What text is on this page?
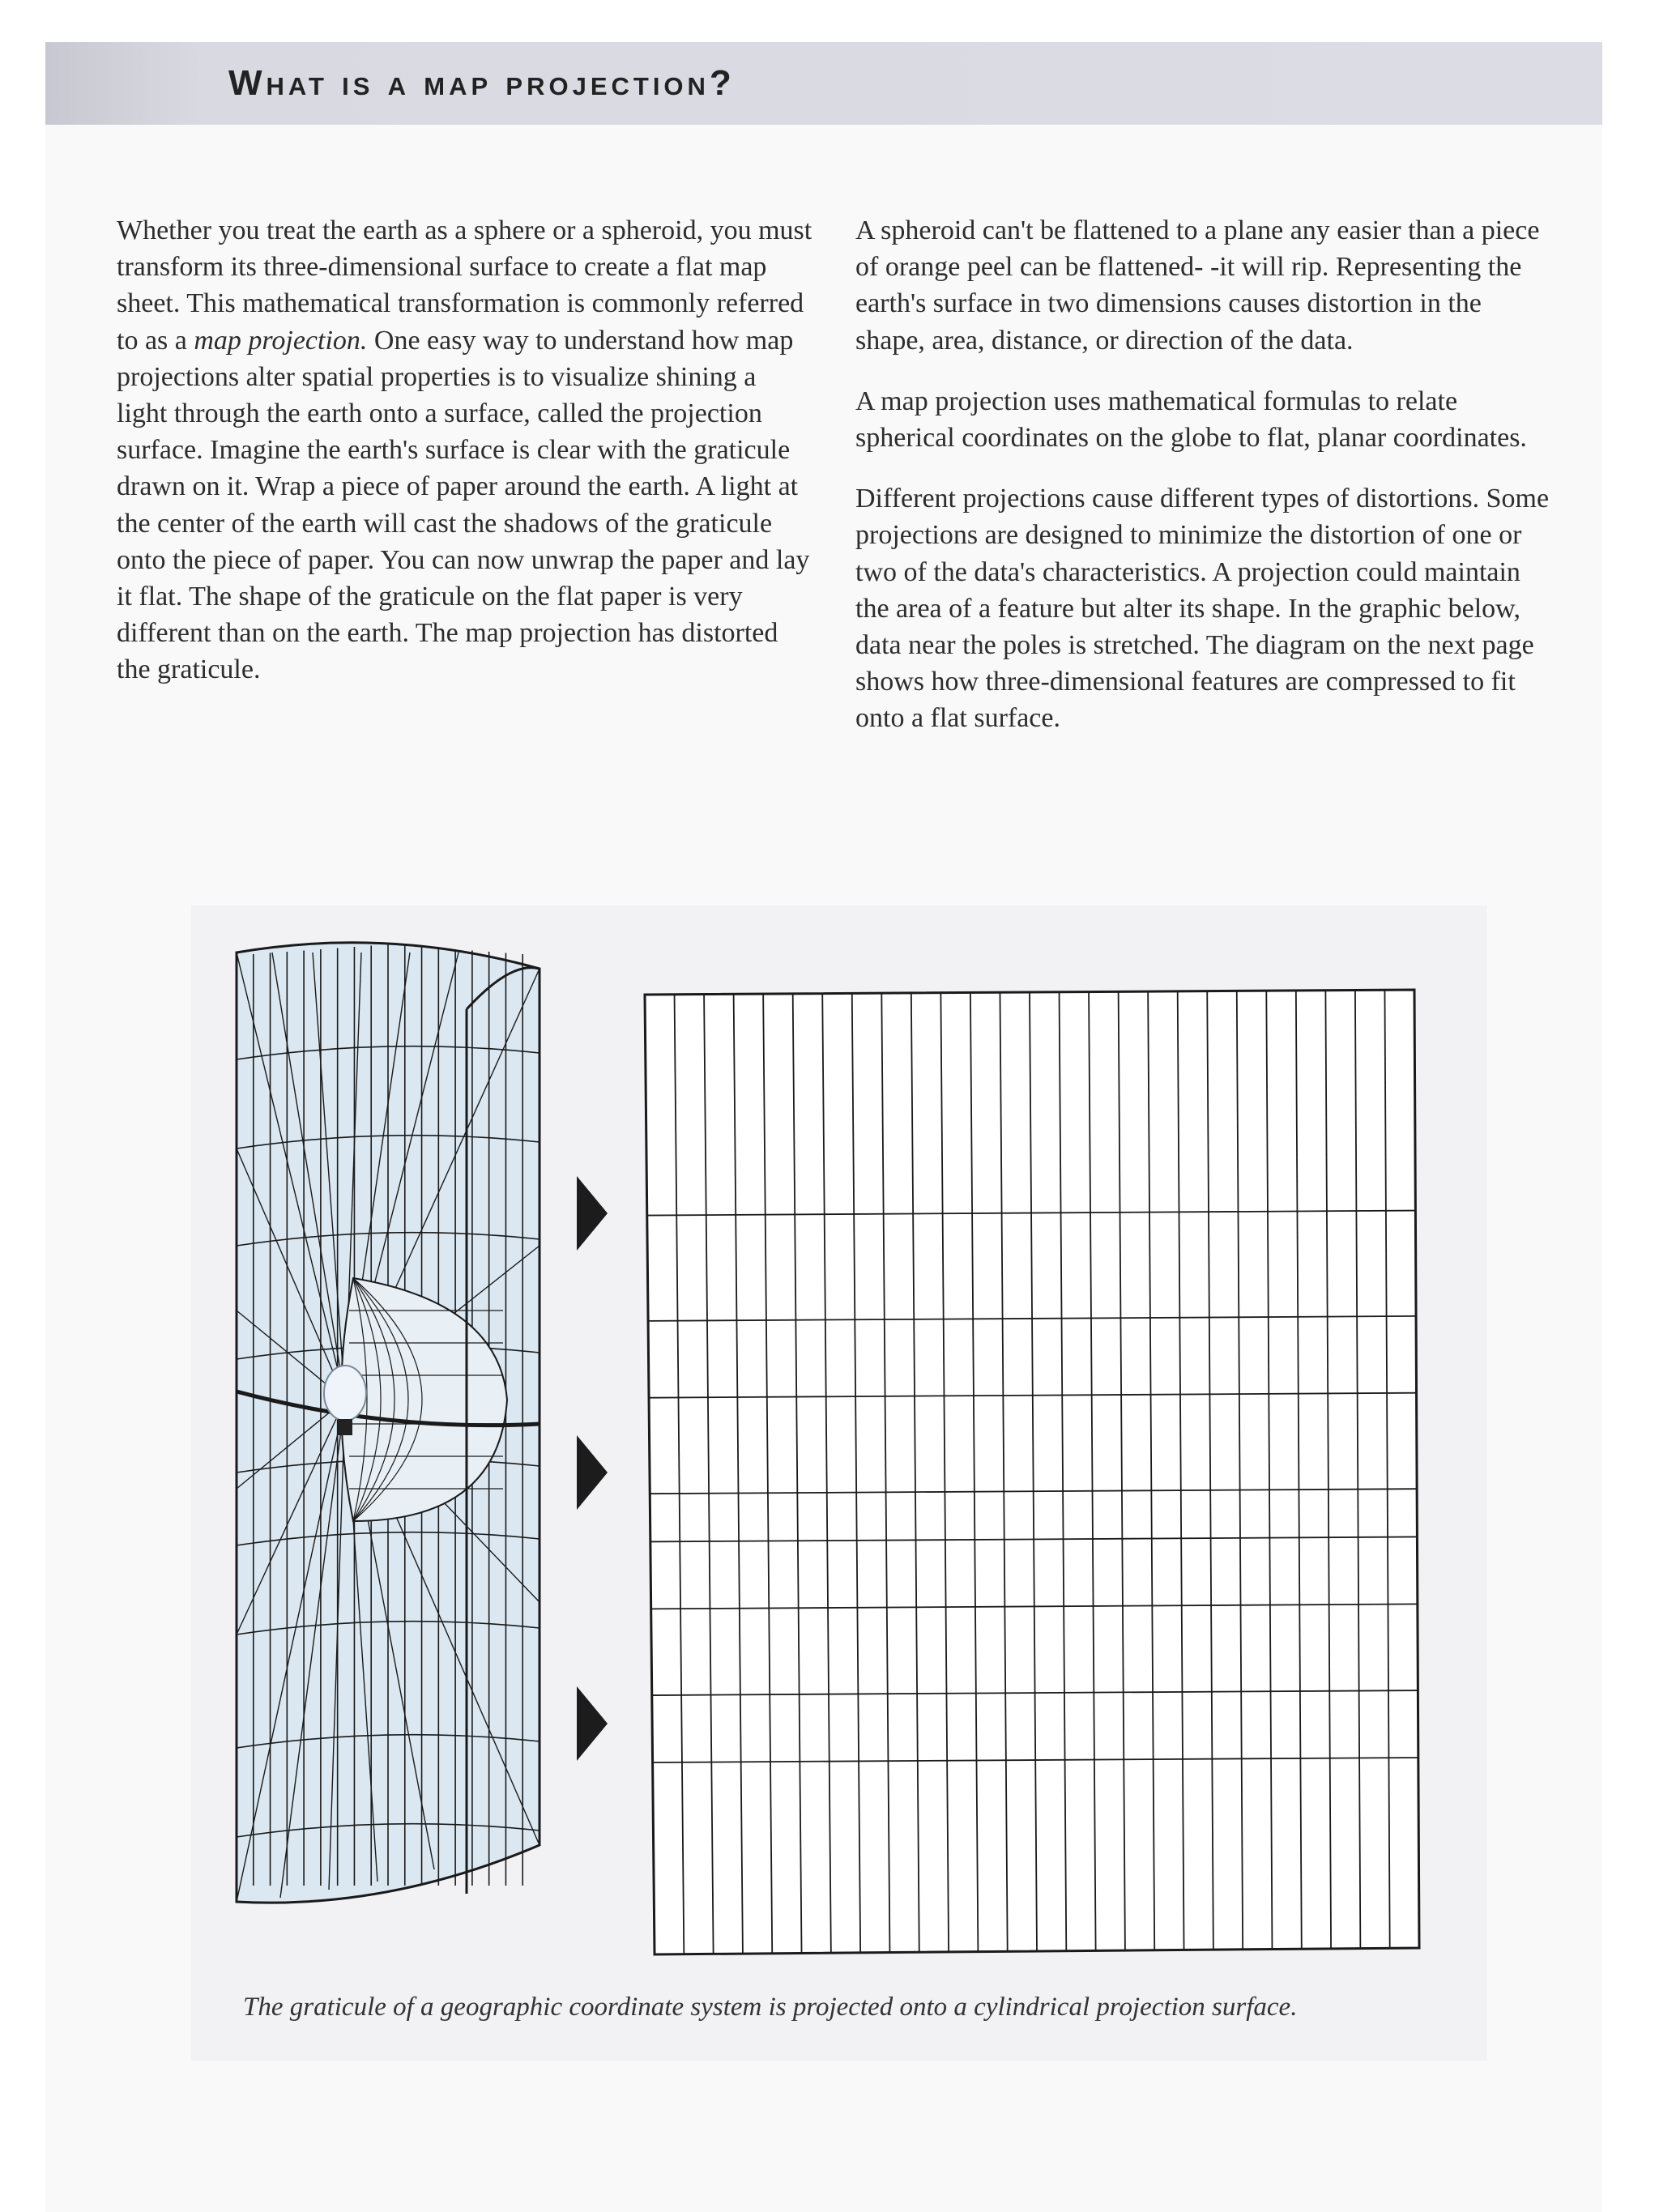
What is a map projection?

Whether you treat the earth as a sphere or a spheroid, you must transform its three-dimensional surface to create a flat map sheet. This mathematical transformation is commonly referred to as a map projection. One easy way to understand how map projections alter spatial properties is to visualize shining a light through the earth onto a surface, called the projection surface. Imagine the earth's surface is clear with the graticule drawn on it. Wrap a piece of paper around the earth. A light at the center of the earth will cast the shadows of the graticule onto the piece of paper. You can now unwrap the paper and lay it flat. The shape of the graticule on the flat paper is very different than on the earth. The map projection has distorted the graticule.

A spheroid can't be flattened to a plane any easier than a piece of orange peel can be flattened- -it will rip. Representing the earth's surface in two dimensions causes distortion in the shape, area, distance, or direction of the data.

A map projection uses mathematical formulas to relate spherical coordinates on the globe to flat, planar coordinates.

Different projections cause different types of distortions. Some projections are designed to minimize the distortion of one or two of the data's characteristics. A projection could maintain the area of a feature but alter its shape. In the graphic below, data near the poles is stretched. The diagram on the next page shows how three-dimensional features are compressed to fit onto a flat surface.

The graticule of a geographic coordinate system is projected onto a cylindrical projection surface.
